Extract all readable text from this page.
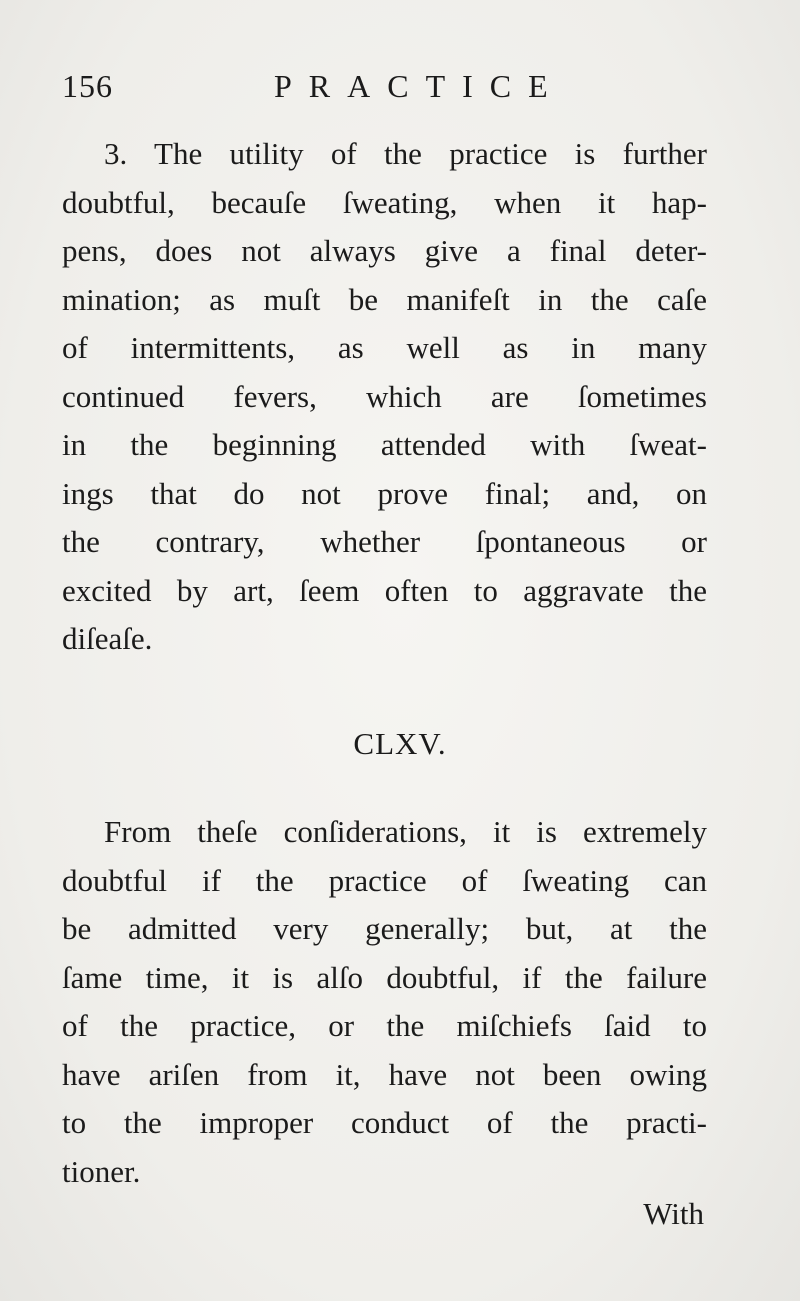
156	PRACTICE
3. The utility of the practice is further
doubtful, becauſe ſweating, when it hap-
pens, does not always give a final deter-
mination; as muſt be manifeſt in the caſe
of intermittents, as well as in many
continued fevers, which are ſometimes
in the beginning attended with ſweat-
ings that do not prove final; and, on
the contrary, whether ſpontaneous or
excited by art, ſeem often to aggravate the
diſeaſe.
CLXV.
From theſe conſiderations, it is extremely
doubtful if the practice of ſweating can
be admitted very generally; but, at the
ſame time, it is alſo doubtful, if the failure
of the practice, or the miſchiefs ſaid to
have ariſen from it, have not been owing
to the improper conduct of the practi-
tioner.
With
